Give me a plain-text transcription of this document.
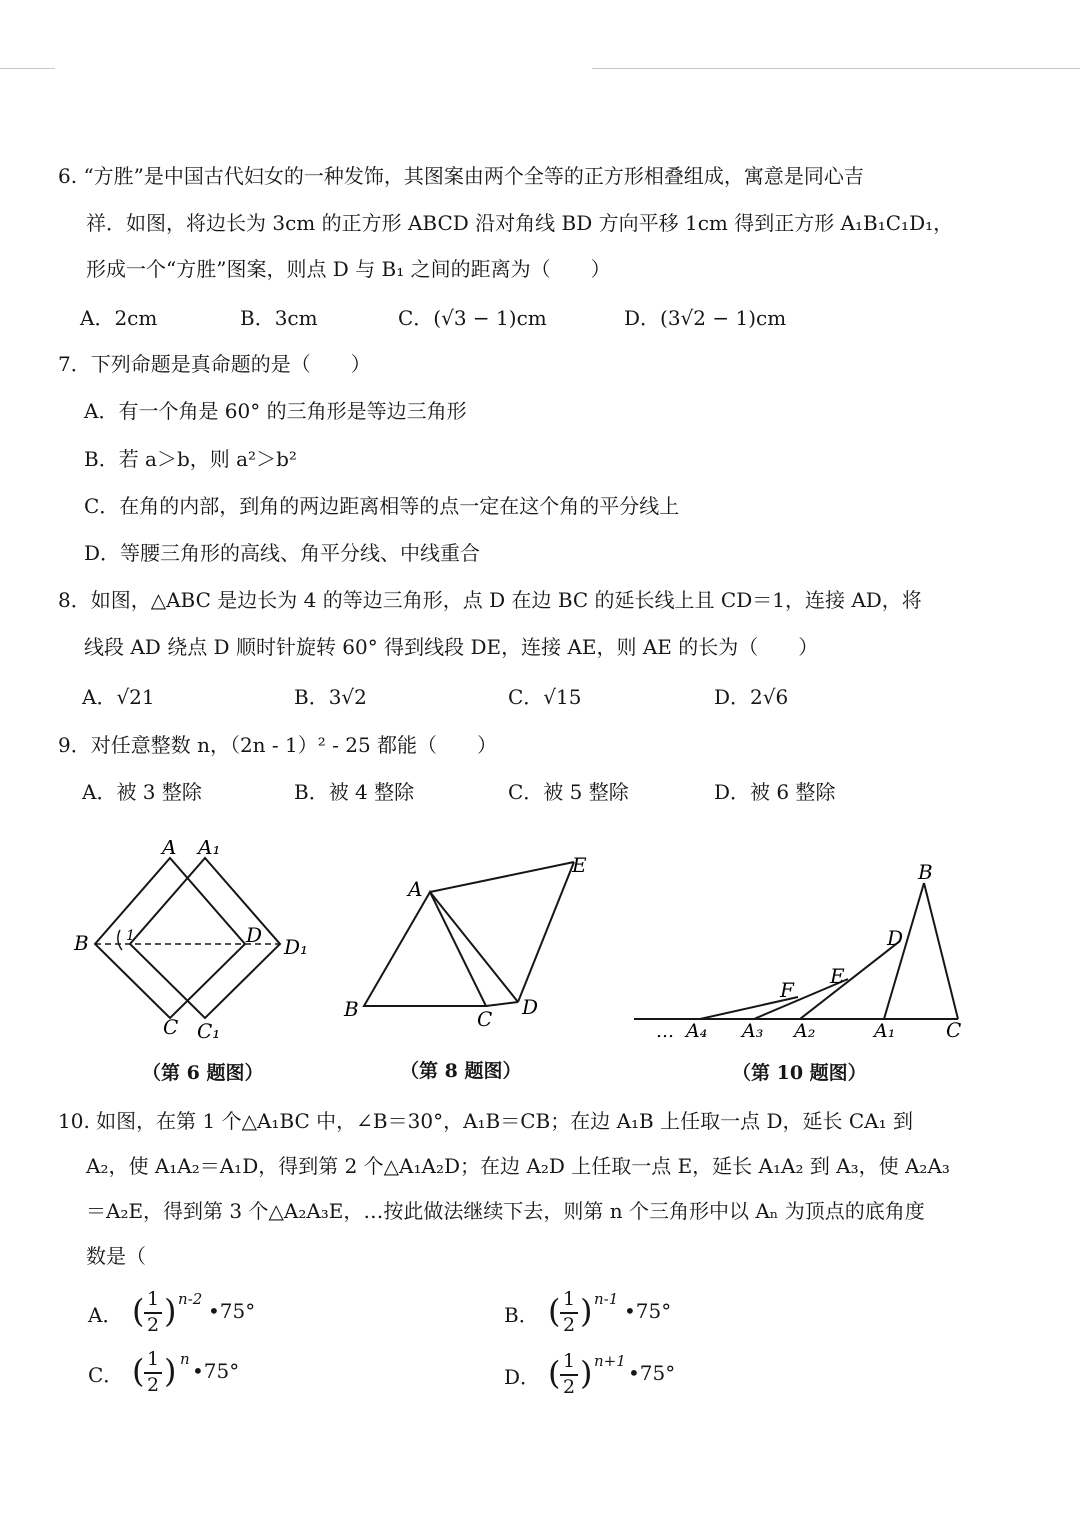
6. “方胜”是中国古代妇女的一种发饰，其图案由两个全等的正方形相叠组成，寓意是同心吉
祥．如图，将边长为 3cm 的正方形 ABCD 沿对角线 BD 方向平移 1cm 得到正方形 A₁B₁C₁D₁，
形成一个“方胜”图案，则点 D 与 B₁ 之间的距离为（　　）
A．2cm	B．3cm	C．(√3 − 1)cm	D．(3√2 − 1)cm
7．下列命题是真命题的是（　　）
A．有一个角是 60° 的三角形是等边三角形
B．若 a＞b，则 a²＞b²
C．在角的内部，到角的两边距离相等的点一定在这个角的平分线上
D．等腰三角形的高线、角平分线、中线重合
8．如图，△ABC 是边长为 4 的等边三角形，点 D 在边 BC 的延长线上且 CD＝1，连接 AD，将
线段 AD 绕点 D 顺时针旋转 60° 得到线段 DE，连接 AE，则 AE 的长为（　　）
A．√21	B．3√2	C．√15	D．2√6
9．对任意整数 n，（2n - 1）² - 25 都能（　　）
A．被 3 整除	B．被 4 整除	C．被 5 整除	D．被 6 整除
A A₁
B	1	D D₁
C C₁
（第 6 题图）
A
E
B	C D
（第 8 题图）
B
D
E
F
… A₄ A₃ A₂	A₁	C
（第 10 题图）
10. 如图，在第 1 个△A₁BC 中，∠B＝30°，A₁B＝CB；在边 A₁B 上任取一点 D，延长 CA₁ 到
A₂，使 A₁A₂＝A₁D，得到第 2 个△A₁A₂D；在边 A₂D 上任取一点 E，延长 A₁A₂ 到 A₃，使 A₂A₃
＝A₂E，得到第 3 个△A₂A₃E，…按此做法继续下去，则第 n 个三角形中以 Aₙ 为顶点的底角度
数是（
A． ( 1
2 ) n-2 •75°	B． ( 1
2 ) n-1 •75°
C． ( 1
2 ) n •75°	D． ( 1
2 ) n+1 •75°
